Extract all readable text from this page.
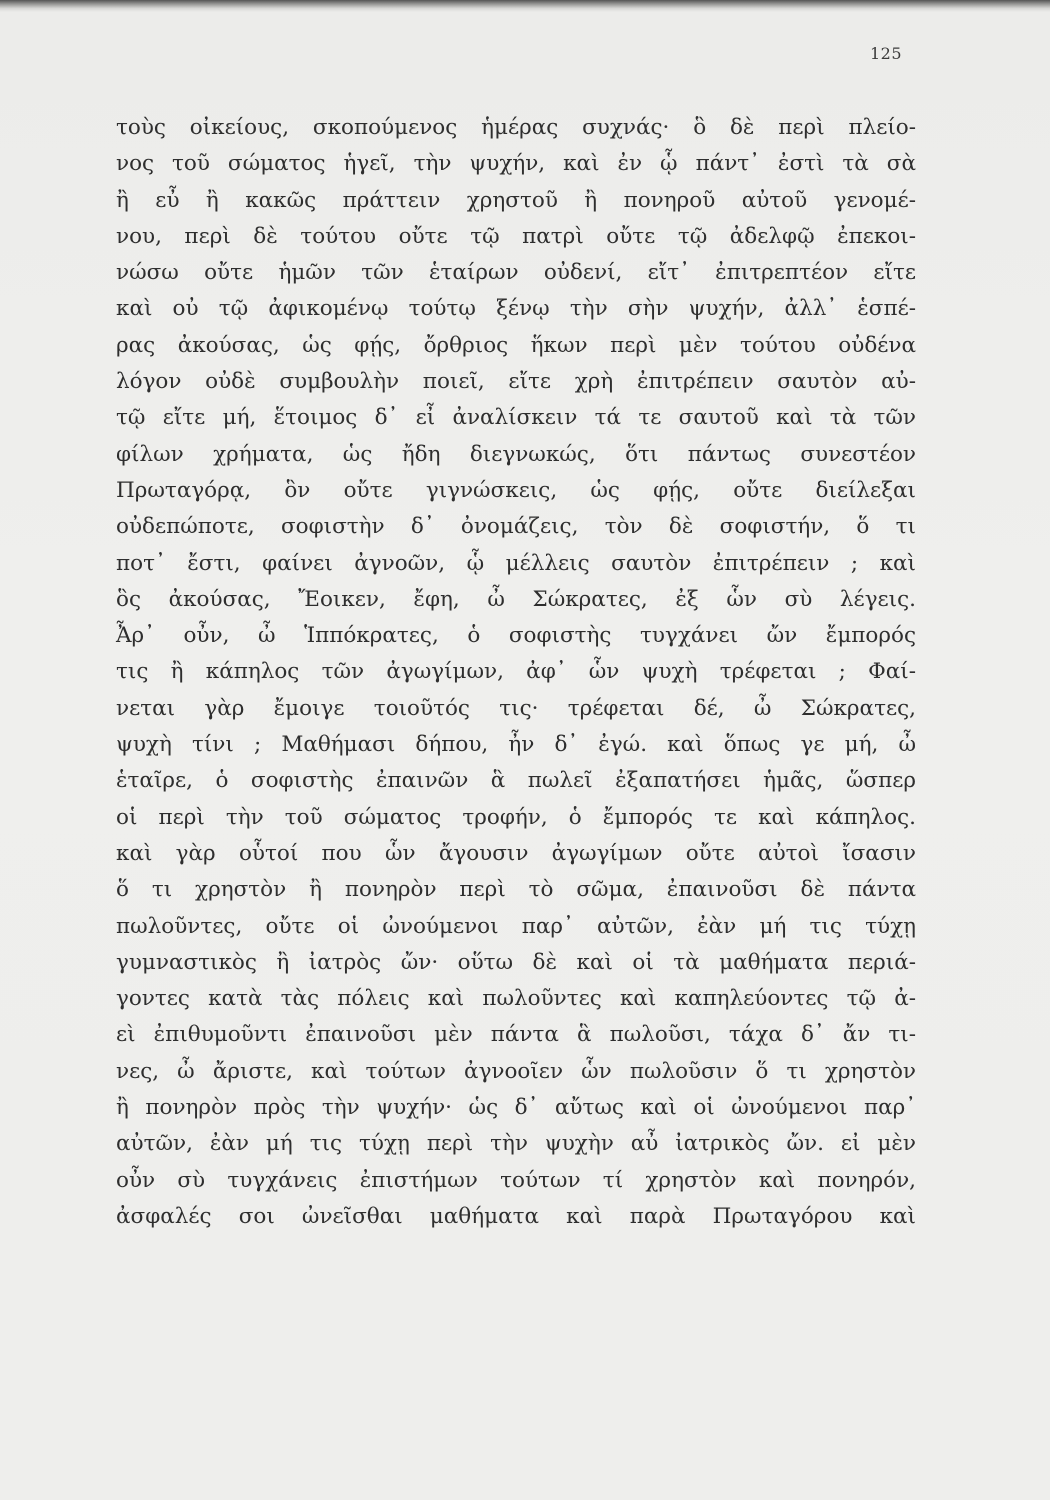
125
τοὺς οἰκείους, σκοπούμενος ἡμέρας συχνάς· ὃ δὲ περὶ πλείο-
νος τοῦ σώματος ἡγεῖ, τὴν ψυχήν, καὶ ἐν ᾧ πάντ᾽ ἐστὶ τὰ σὰ
ἢ εὖ ἢ κακῶς πράττειν χρηστοῦ ἢ πονηροῦ αὐτοῦ γενομέ-
νου, περὶ δὲ τούτου οὔτε τῷ πατρὶ οὔτε τῷ ἀδελφῷ ἐπεκοι-
νώσω οὔτε ἡμῶν τῶν ἑταίρων οὐδενί, εἴτ᾽ ἐπιτρεπτέον εἴτε
καὶ οὐ τῷ ἀφικομένῳ τούτῳ ξένῳ τὴν σὴν ψυχήν, ἀλλ᾽ ἑσπέ-
ρας ἀκούσας, ὡς φῄς, ὄρθριος ἥκων περὶ μὲν τούτου οὐδένα
λόγον οὐδὲ συμβουλὴν ποιεῖ, εἴτε χρὴ ἐπιτρέπειν σαυτὸν αὐ-
τῷ εἴτε μή, ἕτοιμος δ᾽ εἶ ἀναλίσκειν τά τε σαυτοῦ καὶ τὰ τῶν
φίλων χρήματα, ὡς ἤδη διεγνωκώς, ὅτι πάντως συνεστέον
Πρωταγόρᾳ, ὃν οὔτε γιγνώσκεις, ὡς φῄς, οὔτε διείλεξαι
οὐδεπώποτε, σοφιστὴν δ᾽ ὀνομάζεις, τὸν δὲ σοφιστήν, ὅ τι
ποτ᾽ ἔστι, φαίνει ἀγνοῶν, ᾧ μέλλεις σαυτὸν ἐπιτρέπειν ; καὶ
ὃς ἀκούσας, Ἔοικεν, ἔφη, ὦ Σώκρατες, ἐξ ὧν σὺ λέγεις.
Ἆρ᾽ οὖν, ὦ Ἱππόκρατες, ὁ σοφιστὴς τυγχάνει ὤν ἔμπορός
τις ἢ κάπηλος τῶν ἀγωγίμων, ἀφ᾽ ὧν ψυχὴ τρέφεται ; Φαί-
νεται γὰρ ἔμοιγε τοιοῦτός τις· τρέφεται δέ, ὦ Σώκρατες,
ψυχὴ τίνι ; Μαθήμασι δήπου, ἦν δ᾽ ἐγώ. καὶ ὅπως γε μή, ὦ
ἑταῖρε, ὁ σοφιστὴς ἐπαινῶν ἃ πωλεῖ ἐξαπατήσει ἡμᾶς, ὥσπερ
οἱ περὶ τὴν τοῦ σώματος τροφήν, ὁ ἔμπορός τε καὶ κάπηλος.
καὶ γὰρ οὗτοί που ὧν ἄγουσιν ἀγωγίμων οὔτε αὐτοὶ ἴσασιν
ὅ τι χρηστὸν ἢ πονηρὸν περὶ τὸ σῶμα, ἐπαινοῦσι δὲ πάντα
πωλοῦντες, οὔτε οἱ ὠνούμενοι παρ᾽ αὐτῶν, ἐὰν μή τις τύχῃ
γυμναστικὸς ἢ ἰατρὸς ὤν· οὕτω δὲ καὶ οἱ τὰ μαθήματα περιά-
γοντες κατὰ τὰς πόλεις καὶ πωλοῦντες καὶ καπηλεύοντες τῷ ἀ-
εὶ ἐπιθυμοῦντι ἐπαινοῦσι μὲν πάντα ἃ πωλοῦσι, τάχα δ᾽ ἄν τι-
νες, ὦ ἄριστε, καὶ τούτων ἀγνοοῖεν ὧν πωλοῦσιν ὅ τι χρηστὸν
ἢ πονηρὸν πρὸς τὴν ψυχήν· ὡς δ᾽ αὔτως καὶ οἱ ὠνούμενοι παρ᾽
αὐτῶν, ἐὰν μή τις τύχῃ περὶ τὴν ψυχὴν αὖ ἰατρικὸς ὤν. εἰ μὲν
οὖν σὺ τυγχάνεις ἐπιστήμων τούτων τί χρηστὸν καὶ πονηρόν,
ἀσφαλές σοι ὠνεῖσθαι μαθήματα καὶ παρὰ Πρωταγόρου καὶ
